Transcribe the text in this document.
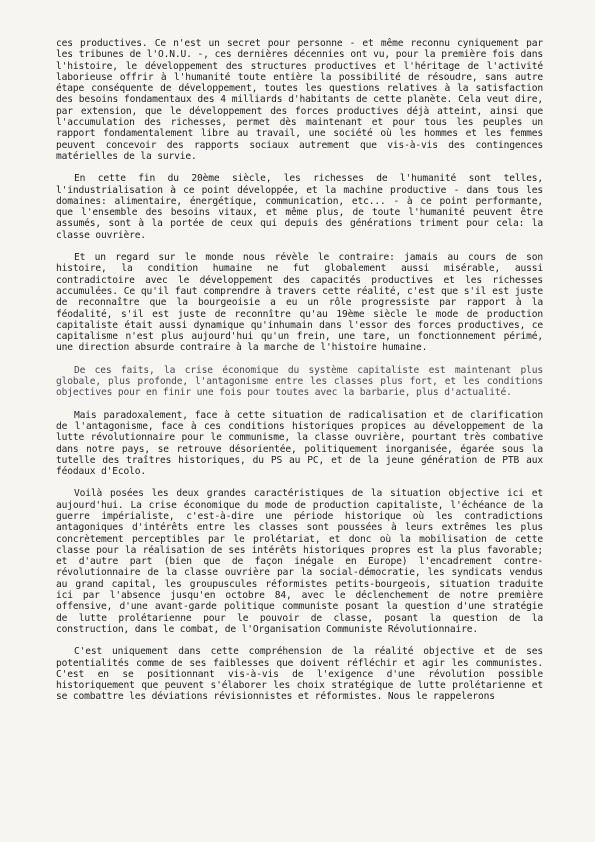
ces productives. Ce n'est un secret pour personne - et même reconnu cyniquement par les tribunes de l'O.N.U. -, ces dernières décennies ont vu, pour la première fois dans l'histoire, le développement des structures productives et l'héritage de l'activité laborieuse offrir à l'humanité toute entière la possibilité de résoudre, sans autre étape conséquente de développement, toutes les questions relatives à la satisfaction des besoins fondamentaux des 4 milliards d'habitants de cette planète. Cela veut dire, par extension, que le développement des forces productives déjà atteint, ainsi que l'accumulation des richesses, permet dès maintenant et pour tous les peuples un rapport fondamentalement libre au travail, une société où les hommes et les femmes peuvent concevoir des rapports sociaux autrement que vis-à-vis des contingences matérielles de la survie.

En cette fin du 20ème siècle, les richesses de l'humanité sont telles, l'industrialisation à ce point développée, et la machine productive - dans tous les domaines: alimentaire, énergétique, communication, etc... - à ce point performante, que l'ensemble des besoins vitaux, et même plus, de toute l'humanité peuvent être assumés, sont à la portée de ceux qui depuis des générations triment pour cela: la classe ouvrière.

Et un regard sur le monde nous révèle le contraire: jamais au cours de son histoire, la condition humaine ne fut globalement aussi misérable, aussi contradictoire avec le développement des capacités productives et les richesses accumulées. Ce qu'il faut comprendre à travers cette réalité, c'est que s'il est juste de reconnaître que la bourgeoisie a eu un rôle progressiste par rapport à la féodalité, s'il est juste de reconnître qu'au 19ème siècle le mode de production capitaliste était aussi dynamique qu'inhumain dans l'essor des forces productives, ce capitalisme n'est plus aujourd'hui qu'un frein, une tare, un fonctionnement périmé, une direction absurde contraire à la marche de l'histoire humaine.

De ces faits, la crise économique du système capitaliste est maintenant plus globale, plus profonde, l'antagonisme entre les classes plus fort, et les conditions objectives pour en finir une fois pour toutes avec la barbarie, plus d'actualité.

Mais paradoxalement, face à cette situation de radicalisation et de clarification de l'antagonisme, face à ces conditions historiques propices au développement de la lutte révolutionnaire pour le communisme, la classe ouvrière, pourtant très combative dans notre pays, se retrouve désorientée, politiquement inorganisée, égarée sous la tutelle des traîtres historiques, du PS au PC, et de la jeune génération de PTB aux féodaux d'Ecolo.

Voilà posées les deux grandes caractéristiques de la situation objective ici et aujourd'hui. La crise économique du mode de production capitaliste, l'échéance de la guerre impérialiste, c'est-à-dire une période historique où les contradictions antagoniques d'intérêts entre les classes sont poussées à leurs extrêmes les plus concrètement perceptibles par le prolétariat, et donc où la mobilisation de cette classe pour la réalisation de ses intérêts historiques propres est la plus favorable; et d'autre part (bien que de façon inégale en Europe) l'encadrement contre-révolutionnaire de la classe ouvrière par la social-démocratie, les syndicats vendus au grand capital, les groupuscules réformistes petits-bourgeois, situation traduite ici par l'absence jusqu'en octobre 84, avec le déclenchement de notre première offensive, d'une avant-garde politique communiste posant la question d'une stratégie de lutte prolétarienne pour le pouvoir de classe, posant la question de la construction, dans le combat, de l'Organisation Communiste Révolutionnaire.

C'est uniquement dans cette compréhension de la réalité objective et de ses potentialités comme de ses faiblesses que doivent réfléchir et agir les communistes. C'est en se positionnant vis-à-vis de l'exigence d'une révolution possible historiquement que peuvent s'élaborer les choix stratégique de lutte prolétarienne et se combattre les déviations révisionnistes et réformistes. Nous le rappelerons
